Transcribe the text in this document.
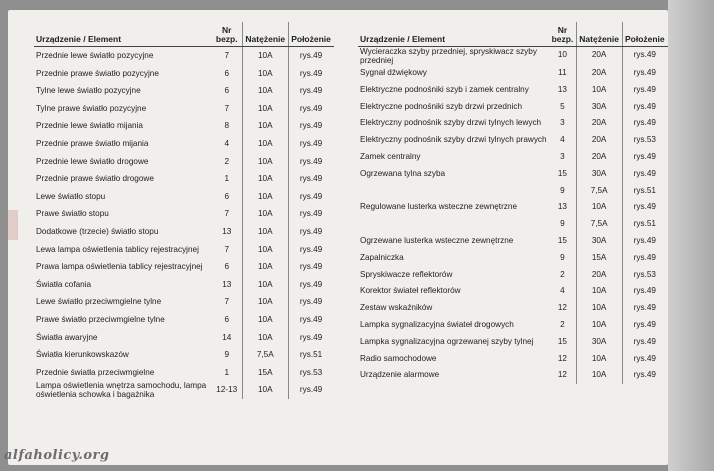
Urządzenie / Element	Nr bezp.	Natężenie	Położenie
Przednie lewe światło pozycyjne	7	10A	rys.49
Przednie prawe światło pozycyjne	6	10A	rys.49
Tylne lewe światło pozycyjne	6	10A	rys.49
Tylne prawe światło pozycyjne	7	10A	rys.49
Przednie lewe światło mijania	8	10A	rys.49
Przednie prawe światło mijania	4	10A	rys.49
Przednie lewe światło drogowe	2	10A	rys.49
Przednie prawe światło drogowe	1	10A	rys.49
Lewe światło stopu	6	10A	rys.49
Prawe światło stopu	7	10A	rys.49
Dodatkowe (trzecie) światło stopu	13	10A	rys.49
Lewa lampa oświetlenia tablicy rejestracyjnej	7	10A	rys.49
Prawa lampa oświetlenia tablicy rejestracyjnej	6	10A	rys.49
Światła cofania	13	10A	rys.49
Lewe światło przeciwmgielne tylne	7	10A	rys.49
Prawe światło przeciwmgielne tylne	6	10A	rys.49
Światła awaryjne	14	10A	rys.49
Światła kierunkowskazów	9	7,5A	rys.51
Przednie światła przeciwmgielne	1	15A	rys.53
Lampa oświetlenia wnętrza samochodu, lampa oświetlenia schowka i bagażnika	12-13	10A	rys.49
Urządzenie / Element	Nr bezp.	Natężenie	Położenie
Wycieraczka szyby przedniej, spryskiwacz szyby przedniej	10	20A	rys.49
Sygnał dźwiękowy	11	20A	rys.49
Elektryczne podnośniki szyb i zamek centralny	13	10A	rys.49
Elektryczne podnośniki szyb drzwi przednich	5	30A	rys.49
Elektryczny podnośnik szyby drzwi tylnych lewych	3	20A	rys.49
Elektryczny podnośnik szyby drzwi tylnych prawych	4	20A	rys.53
Zamek centralny	3	20A	rys.49
Ogrzewana tylna szyba	15	30A	rys.49
	9	7,5A	rys.51
Regulowane lusterka wsteczne zewnętrzne	13	10A	rys.49
	9	7,5A	rys.51
Ogrzewane lusterka wsteczne zewnętrzne	15	30A	rys.49
Zapalniczka	9	15A	rys.49
Spryskiwacze reflektorów	2	20A	rys.53
Korektor świateł reflektorów	4	10A	rys.49
Zestaw wskaźników	12	10A	rys.49
Lampka sygnalizacyjna świateł drogowych	2	10A	rys.49
Lampka sygnalizacyjna ogrzewanej szyby tylnej	15	30A	rys.49
Radio samochodowe	12	10A	rys.49
Urządzenie alarmowe	12	10A	rys.49
alfaholicy.org
